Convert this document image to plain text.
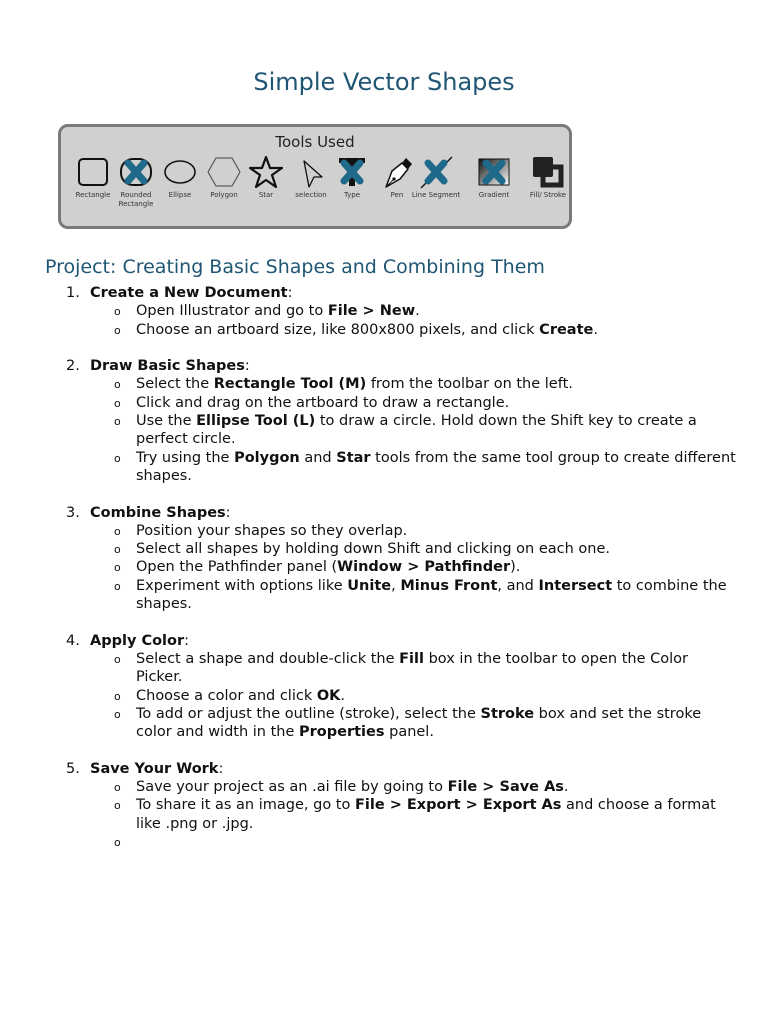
Simple Vector Shapes
Tools Used
Rectangle	Rounded Rectangle
Ellipse	Polygon	Star	selection	Type	Pen	Line Segment	Gradient	Fill/ Stroke
Project: Creating Basic Shapes and Combining Them
1. Create a New Document:
o Open Illustrator and go to File > New.
o Choose an artboard size, like 800x800 pixels, and click Create.
2. Draw Basic Shapes:
o Select the Rectangle Tool (M) from the toolbar on the left.
o Click and drag on the artboard to draw a rectangle.
o Use the Ellipse Tool (L) to draw a circle. Hold down the Shift key to create a perfect circle.
o Try using the Polygon and Star tools from the same tool group to create different shapes.
3. Combine Shapes:
o Position your shapes so they overlap.
o Select all shapes by holding down Shift and clicking on each one.
o Open the Pathfinder panel (Window > Pathfinder).
o Experiment with options like Unite, Minus Front, and Intersect to combine the shapes.
4. Apply Color:
o Select a shape and double-click the Fill box in the toolbar to open the Color Picker.
o Choose a color and click OK.
o To add or adjust the outline (stroke), select the Stroke box and set the stroke color and width in the Properties panel.
5. Save Your Work:
o Save your project as an .ai file by going to File > Save As.
o To share it as an image, go to File > Export > Export As and choose a format like .png or .jpg.
o
